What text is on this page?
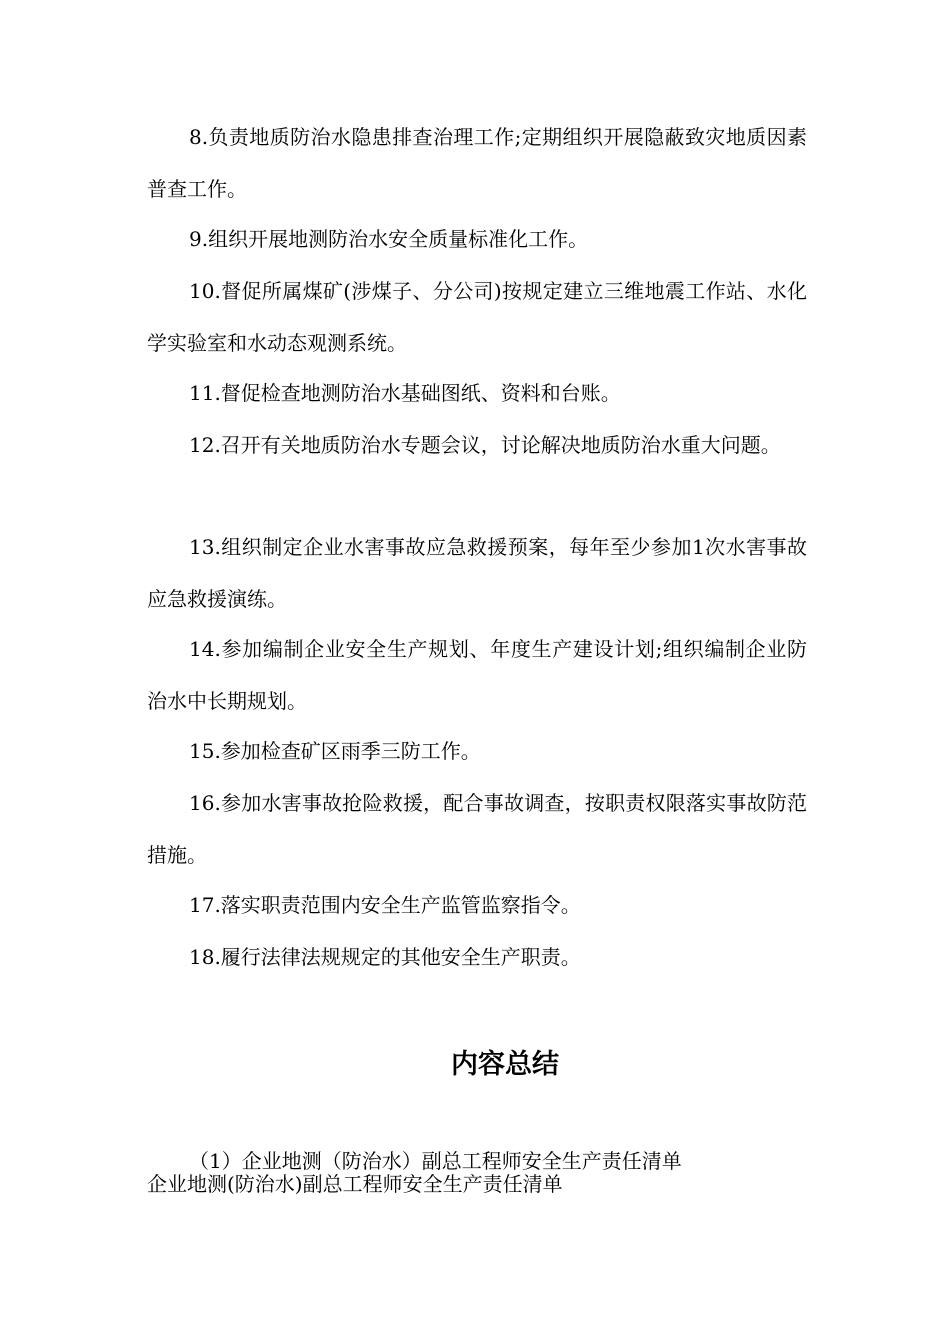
8.负责地质防治水隐患排查治理工作;定期组织开展隐蔽致灾地质因素普查工作。

9.组织开展地测防治水安全质量标准化工作。

10.督促所属煤矿(涉煤子、分公司)按规定建立三维地震工作站、水化学实验室和水动态观测系统。

11.督促检查地测防治水基础图纸、资料和台账。

12.召开有关地质防治水专题会议，讨论解决地质防治水重大问题。

13.组织制定企业水害事故应急救援预案，每年至少参加1次水害事故应急救援演练。

14.参加编制企业安全生产规划、年度生产建设计划;组织编制企业防治水中长期规划。

15.参加检查矿区雨季三防工作。

16.参加水害事故抢险救援，配合事故调查，按职责权限落实事故防范措施。

17.落实职责范围内安全生产监管监察指令。

18.履行法律法规规定的其他安全生产职责。

内容总结
（1）企业地测（防治水）副总工程师安全生产责任清单
企业地测(防治水)副总工程师安全生产责任清单
